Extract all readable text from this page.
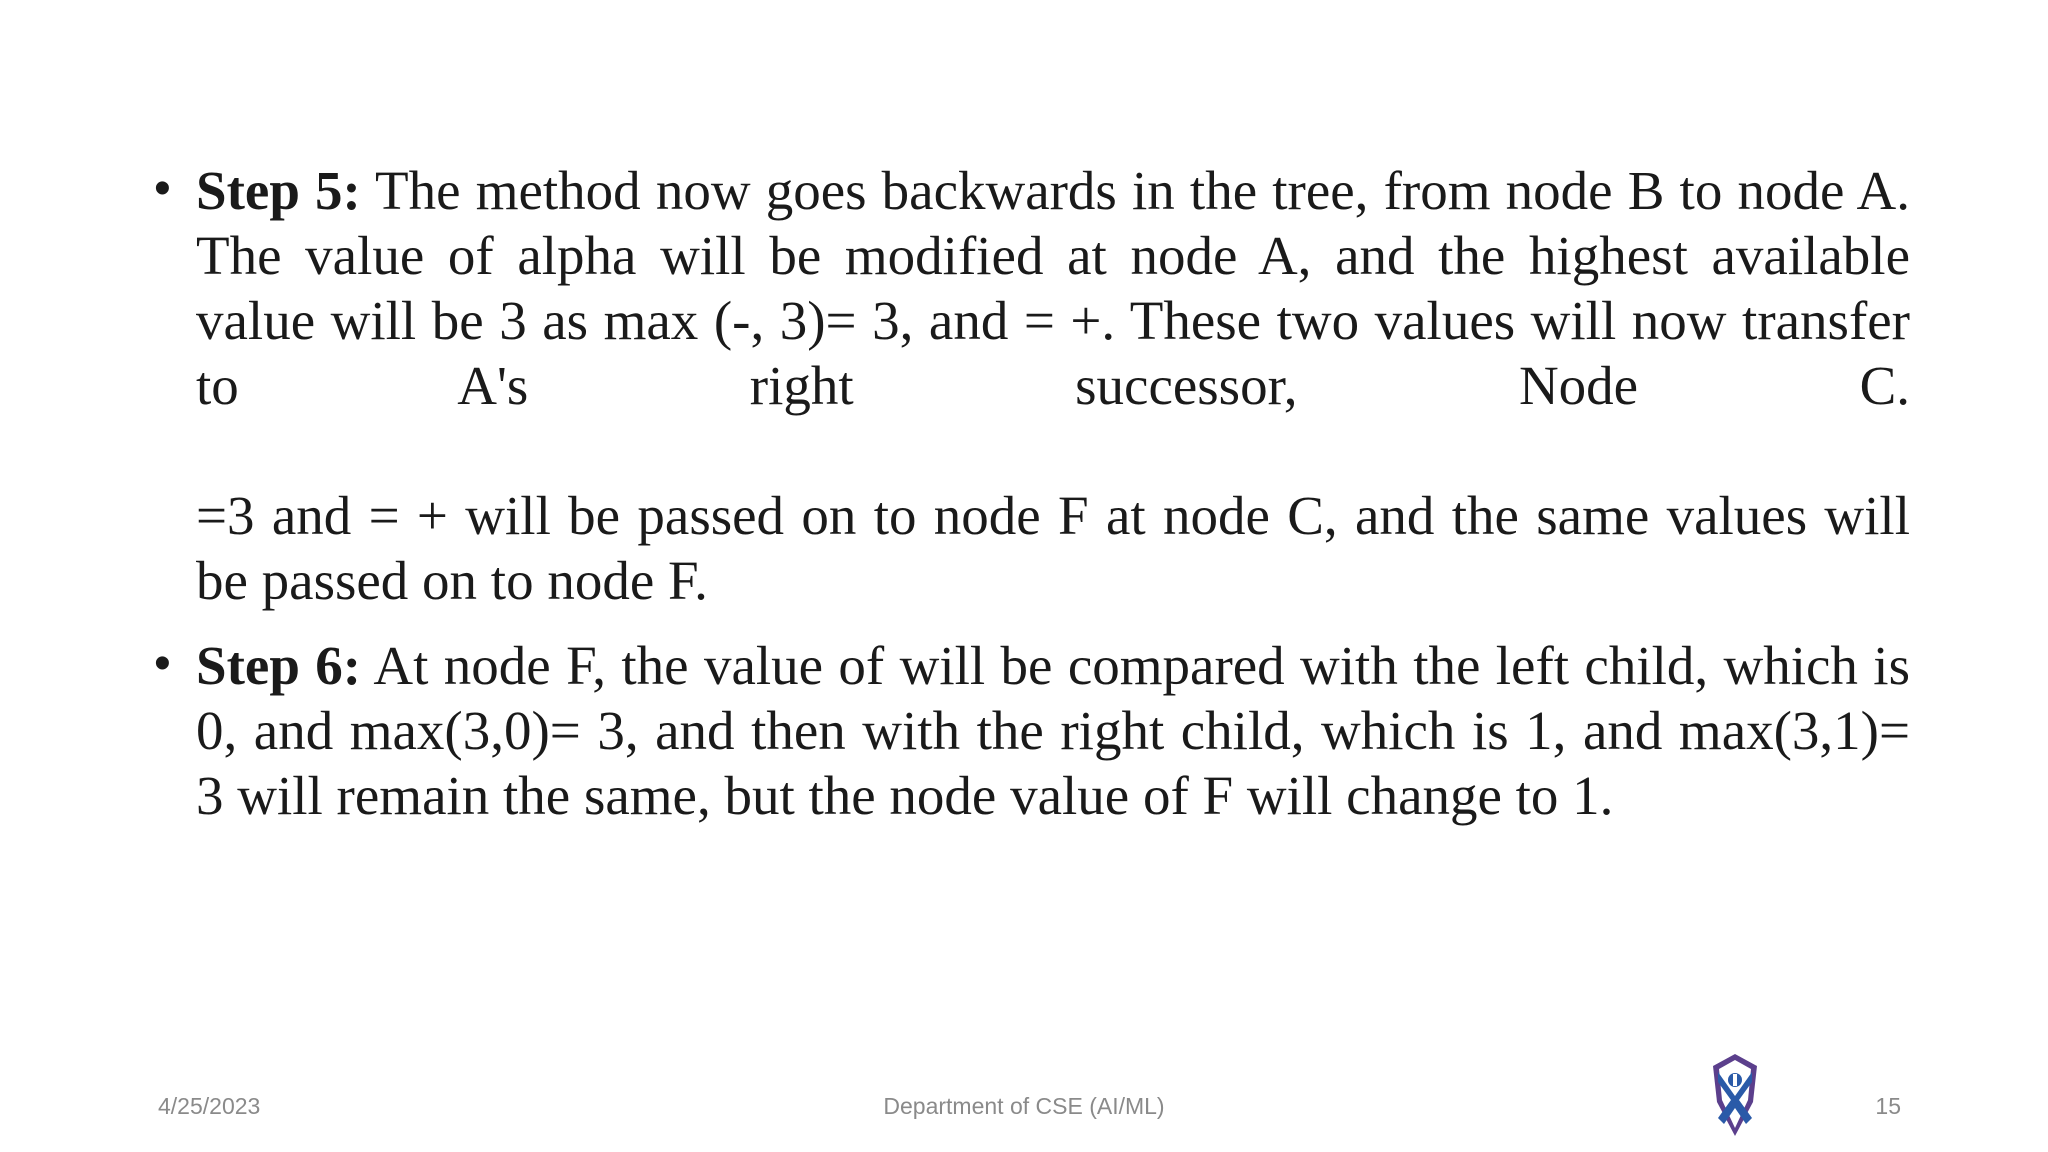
• Step 5: The method now goes backwards in the tree, from node B to node A. The value of alpha will be modified at node A, and the highest available value will be 3 as max (-, 3)= 3, and = +. These two values will now transfer to A's right successor, Node C.
=3 and = + will be passed on to node F at node C, and the same values will be passed on to node F.
• Step 6: At node F, the value of will be compared with the left child, which is 0, and max(3,0)= 3, and then with the right child, which is 1, and max(3,1)= 3 will remain the same, but the node value of F will change to 1.
4/25/2023	Department of CSE (AI/ML)	15
